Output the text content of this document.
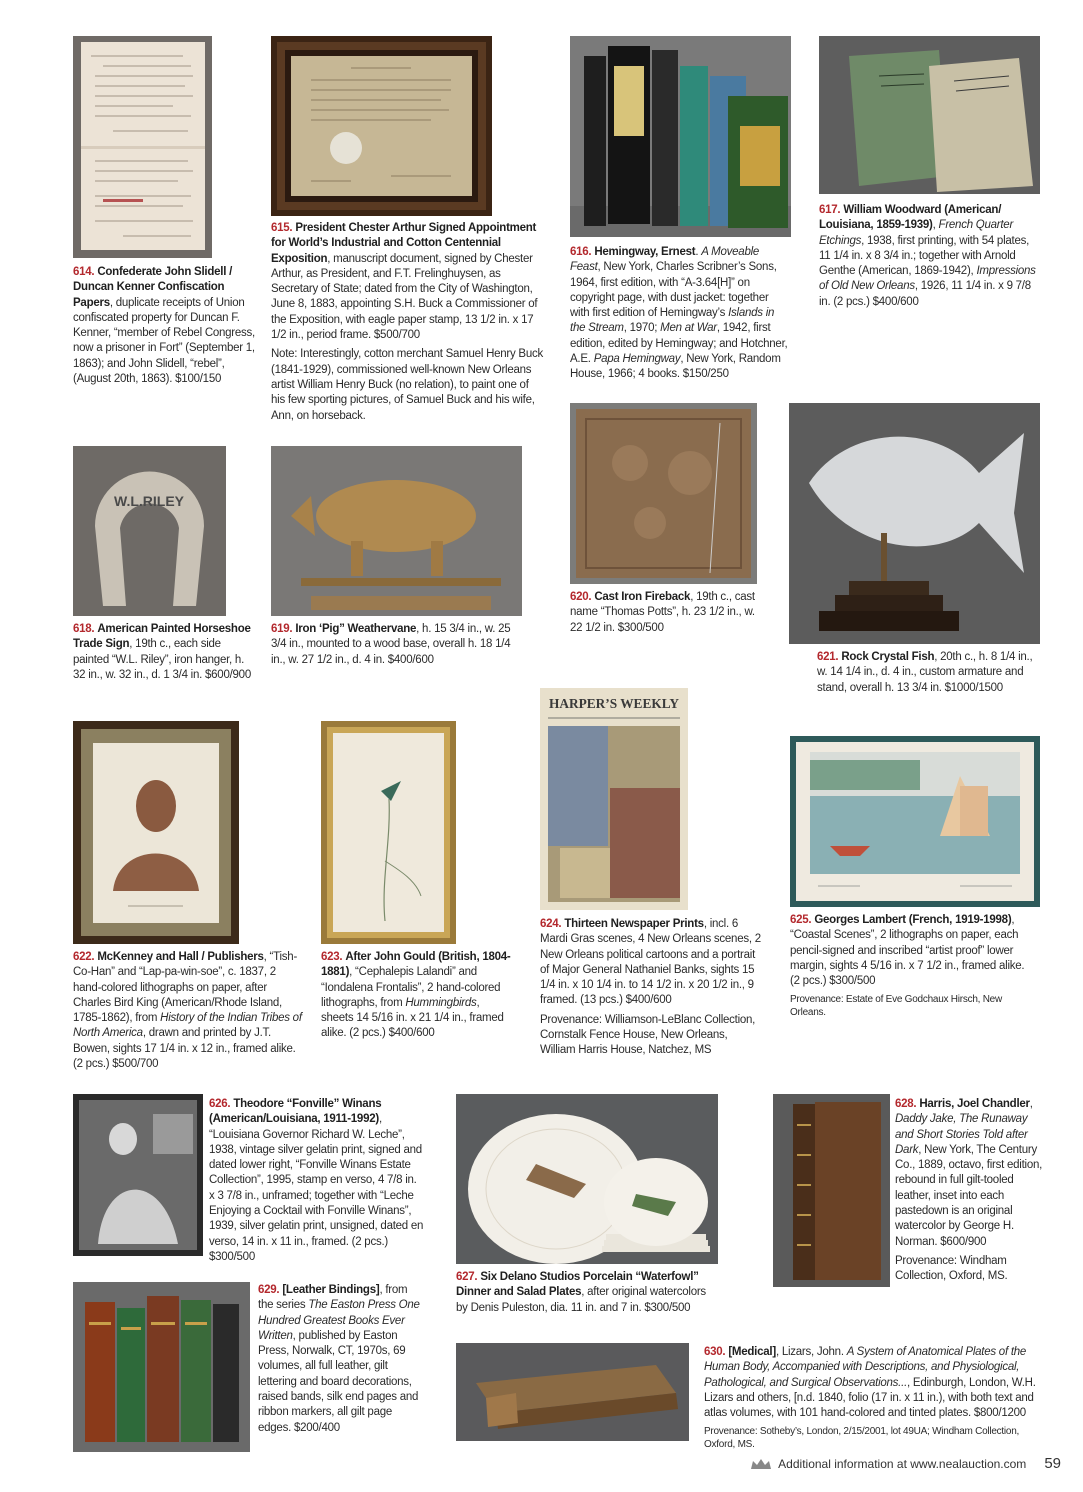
614. Confederate John Slidell / Duncan Kenner Confiscation Papers, duplicate receipts of Union confiscated property for Duncan F. Kenner, “member of Rebel Congress, now a prisoner in Fort” (September 1, 1863); and John Slidell, “rebel”, (August 20th, 1863). $100/150

615. President Chester Arthur Signed Appointment for World’s Industrial and Cotton Centennial Exposition, manuscript document, signed by Chester Arthur, as President, and F.T. Frelinghuysen, as Secretary of State; dated from the City of Washington, June 8, 1883, appointing S.H. Buck a Commissioner of the Exposition, with eagle paper stamp, 13 1/2 in. x 17 1/2 in., period frame. $500/700

Note: Interestingly, cotton merchant Samuel Henry Buck (1841-1929), commissioned well-known New Orleans artist William Henry Buck (no relation), to paint one of his few sporting pictures, of Samuel Buck and his wife, Ann, on horseback.

616. Hemingway, Ernest. A Moveable Feast, New York, Charles Scribner’s Sons, 1964, first edition, with “A-3.64[H]” on copyright page, with dust jacket: together with first edition of Hemingway’s Islands in the Stream, 1970; Men at War, 1942, first edition, edited by Hemingway; and Hotchner, A.E. Papa Hemingway, New York, Random House, 1966; 4 books. $150/250

617. William Woodward (American/ Louisiana, 1859-1939), French Quarter Etchings, 1938, first printing, with 54 plates, 11 1/4 in. x 8 3/4 in.; together with Arnold Genthe (American, 1869-1942), Impressions of Old New Orleans, 1926, 11 1/4 in. x 9 7/8 in. (2 pcs.) $400/600

W.L.RILEY

618. American Painted Horseshoe Trade Sign, 19th c., each side painted “W.L. Riley”, iron hanger, h. 32 in., w. 32 in., d. 1 3/4 in. $600/900

619. Iron ‘Pig” Weathervane, h. 15 3/4 in., w. 25 3/4 in., mounted to a wood base, overall h. 18 1/4 in., w. 27 1/2 in., d. 4 in. $400/600

620. Cast Iron Fireback, 19th c., cast name “Thomas Potts”, h. 23 1/2 in., w. 22 1/2 in. $300/500

621. Rock Crystal Fish, 20th c., h. 8 1/4 in., w. 14 1/4 in., d. 4 in., custom armature and stand, overall h. 13 3/4 in. $1000/1500

622. McKenney and Hall / Publishers, “Tish-Co-Han” and “Lap-pa-win-soe”, c. 1837, 2 hand-colored lithographs on paper, after Charles Bird King (American/Rhode Island, 1785-1862), from History of the Indian Tribes of North America, drawn and printed by J.T. Bowen, sights 17 1/4 in. x 12 in., framed alike. (2 pcs.) $500/700

623. After John Gould (British, 1804-1881), “Cephalepis Lalandi” and “Iondalena Frontalis”, 2 hand-colored lithographs, from Hummingbirds, sheets 14 5/16 in. x 21 1/4 in., framed alike. (2 pcs.) $400/600

HARPER’S WEEKLY

624. Thirteen Newspaper Prints, incl. 6 Mardi Gras scenes, 4 New Orleans scenes, 2 New Orleans political cartoons and a portrait of Major General Nathaniel Banks, sights 15 1/4 in. x 10 1/4 in. to 14 1/2 in. x 20 1/2 in., 9 framed. (13 pcs.) $400/600

Provenance: Williamson-LeBlanc Collection, Cornstalk Fence House, New Orleans, William Harris House, Natchez, MS

625. Georges Lambert (French, 1919-1998), “Coastal Scenes”, 2 lithographs on paper, each pencil-signed and inscribed “artist proof” lower margin, sights 4 5/16 in. x 7 1/2 in., framed alike. (2 pcs.) $300/500

Provenance: Estate of Eve Godchaux Hirsch, New Orleans.

626. Theodore “Fonville” Winans (American/Louisiana, 1911-1992), “Louisiana Governor Richard W. Leche”, 1938, vintage silver gelatin print, signed and dated lower right, “Fonville Winans Estate Collection”, 1995, stamp en verso, 4 7/8 in. x 3 7/8 in., unframed; together with “Leche Enjoying a Cocktail with Fonville Winans”, 1939, silver gelatin print, unsigned, dated en verso, 14 in. x 11 in., framed. (2 pcs.) $300/500

627. Six Delano Studios Porcelain “Waterfowl” Dinner and Salad Plates, after original watercolors by Denis Puleston, dia. 11 in. and 7 in. $300/500

628. Harris, Joel Chandler, Daddy Jake, The Runaway and Short Stories Told after Dark, New York, The Century Co., 1889, octavo, first edition, rebound in full gilt-tooled leather, inset into each pastedown is an original watercolor by George H. Norman. $600/900

Provenance: Windham Collection, Oxford, MS.

629. [Leather Bindings], from the series The Easton Press One Hundred Greatest Books Ever Written, published by Easton Press, Norwalk, CT, 1970s, 69 volumes, all full leather, gilt lettering and board decorations, raised bands, silk end pages and ribbon markers, all gilt page edges. $200/400

630. [Medical], Lizars, John. A System of Anatomical Plates of the Human Body, Accompanied with Descriptions, and Physiological, Pathological, and Surgical Observations..., Edinburgh, London, W.H. Lizars and others, [n.d. 1840, folio (17 in. x 11 in.), with both text and atlas volumes, with 101 hand-colored and tinted plates. $800/1200

Provenance: Sotheby’s, London, 2/15/2001, lot 49UA; Windham Collection, Oxford, MS.

Additional information at www.nealauction.com 59
